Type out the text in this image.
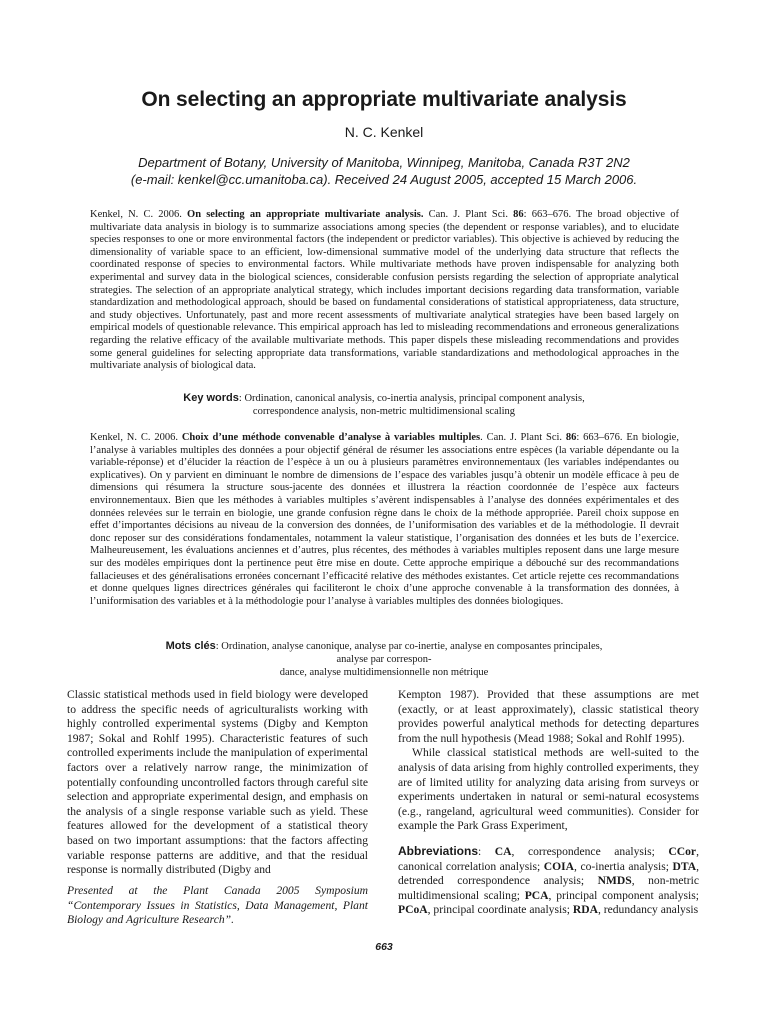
On selecting an appropriate multivariate analysis
N. C. Kenkel
Department of Botany, University of Manitoba, Winnipeg, Manitoba, Canada R3T 2N2
(e-mail: kenkel@cc.umanitoba.ca). Received 24 August 2005, accepted 15 March 2006.
Kenkel, N. C. 2006. On selecting an appropriate multivariate analysis. Can. J. Plant Sci. 86: 663–676. The broad objective of multivariate data analysis in biology is to summarize associations among species (the dependent or response variables), and to elucidate species responses to one or more environmental factors (the independent or predictor variables). This objective is achieved by reducing the dimensionality of variable space to an efficient, low-dimensional summative model of the underlying data structure that reflects the coordinated response of species to environmental factors. While multivariate methods have proven indispensable for analyzing both experimental and survey data in the biological sciences, considerable confusion persists regarding the selection of appropriate analytical strategies. The selection of an appropriate analytical strategy, which includes important decisions regarding data transformation, variable standardization and methodological approach, should be based on fundamental considerations of statistical appropriateness, data structure, and study objectives. Unfortunately, past and more recent assessments of multivariate analytical strategies have been based largely on empirical models of questionable relevance. This empirical approach has led to misleading recommendations and erroneous generalizations regarding the relative efficacy of the available multivariate methods. This paper dispels these misleading recommendations and provides some general guidelines for selecting appropriate data transformations, variable standardizations and methodological approaches in the multivariate analysis of biological data.
Key words: Ordination, canonical analysis, co-inertia analysis, principal component analysis,
correspondence analysis, non-metric multidimensional scaling
Kenkel, N. C. 2006. Choix d’une méthode convenable d’analyse à variables multiples. Can. J. Plant Sci. 86: 663–676. En biologie, l’analyse à variables multiples des données a pour objectif général de résumer les associations entre espèces (la variable dépendante ou la variable-réponse) et d’élucider la réaction de l’espèce à un ou à plusieurs paramètres environnementaux (les variables indépendantes ou explicatives). On y parvient en diminuant le nombre de dimensions de l’espace des variables jusqu’à obtenir un modèle efficace à peu de dimensions qui résumera la structure sous-jacente des données et illustrera la réaction coordonnée de l’espèce aux facteurs environnementaux. Bien que les méthodes à variables multiples s’avèrent indispensables à l’analyse des données expérimentales et des données relevées sur le terrain en biologie, une grande confusion règne dans le choix de la méthode appropriée. Pareil choix suppose en effet d’importantes décisions au niveau de la conversion des données, de l’uniformisation des variables et de la méthodologie. Il devrait donc reposer sur des considérations fondamentales, notamment la valeur statistique, l’organisation des données et les buts de l’exercice. Malheureusement, les évaluations anciennes et d’autres, plus récentes, des méthodes à variables multiples reposent dans une large mesure sur des modèles empiriques dont la pertinence peut être mise en doute. Cette approche empirique a débouché sur des recommandations fallacieuses et des généralisations erronées concernant l’efficacité relative des méthodes existantes. Cet article rejette ces recommandations et donne quelques lignes directrices générales qui faciliteront le choix d’une approche convenable à la transformation des données, à l’uniformisation des variables et à la méthodologie pour l’analyse à variables multiples des données biologiques.
Mots clés: Ordination, analyse canonique, analyse par co-inertie, analyse en composantes principales, analyse par correspon-
dance, analyse multidimensionnelle non métrique

Classic statistical methods used in field biology were developed to address the specific needs of agriculturalists working with highly controlled experimental systems (Digby and Kempton 1987; Sokal and Rohlf 1995). Characteristic features of such controlled experiments include the manipulation of experimental factors over a relatively narrow range, the minimization of potentially confounding uncontrolled factors through careful site selection and appropriate experimental design, and emphasis on the analysis of a single response variable such as yield. These features allowed for the development of a statistical theory based on two important assumptions: that the factors affecting variable response patterns are additive, and that the residual response is normally distributed (Digby and

Presented at the Plant Canada 2005 Symposium “Contemporary Issues in Statistics, Data Management, Plant Biology and Agriculture Research”.

Kempton 1987). Provided that these assumptions are met (exactly, or at least approximately), classic statistical theory provides powerful analytical methods for detecting departures from the null hypothesis (Mead 1988; Sokal and Rohlf 1995).

While classical statistical methods are well-suited to the analysis of data arising from highly controlled experiments, they are of limited utility for analyzing data arising from surveys or experiments undertaken in natural or semi-natural ecosystems (e.g., rangeland, agricultural weed communities). Consider for example the Park Grass Experiment,

Abbreviations: CA, correspondence analysis; CCor, canonical correlation analysis; COIA, co-inertia analysis; DTA, detrended correspondence analysis; NMDS, non-metric multidimensional scaling; PCA, principal component analysis; PCoA, principal coordinate analysis; RDA, redundancy analysis

663
